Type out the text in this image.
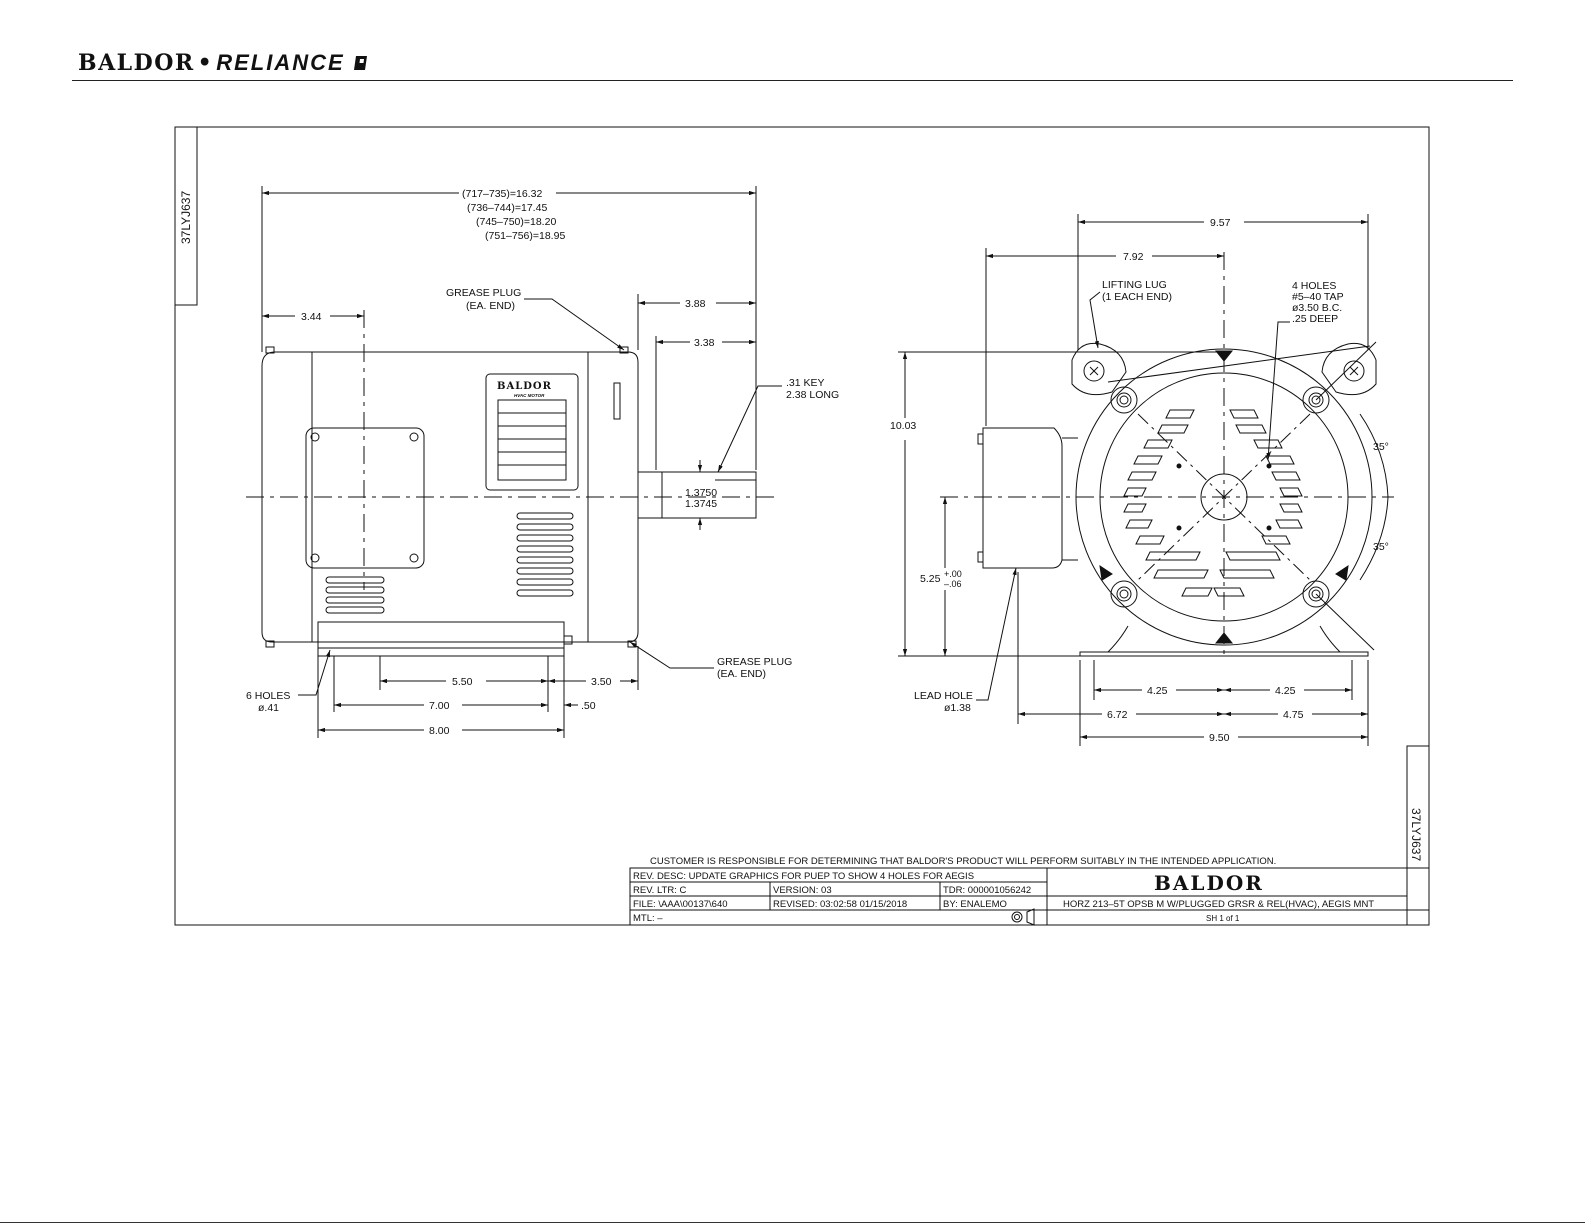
BALDOR • RELIANCE
37LYJ637
37LYJ637
(717–735)=16.32
(736–744)=17.45
(745–750)=18.20
(751–756)=18.95
3.44
3.88
3.38
GREASE PLUG
(EA. END)
.31 KEY
2.38 LONG
1.3750
1.3745
BALDOR
HVAC MOTOR
6 HOLES
ø.41
5.50	3.50
7.00	.50
8.00
GREASE PLUG
(EA. END)
9.57
7.92
LIFTING LUG
(1 EACH END)
4 HOLES
#5–40 TAP
ø3.50 B.C.
.25 DEEP
10.03
35°
35°
5.25 +.00
–.06
LEAD HOLE
ø1.38
4.25	4.25
6.72	4.75
9.50
CUSTOMER IS RESPONSIBLE FOR DETERMINING THAT BALDOR'S PRODUCT WILL PERFORM SUITABLY IN THE INTENDED APPLICATION.
REV. DESC: UPDATE GRAPHICS FOR PUEP TO SHOW 4 HOLES FOR AEGIS
REV. LTR: C	VERSION: 03	TDR: 000001056242
FILE: \AAA\00137\640	REVISED: 03:02:58 01/15/2018	BY: ENALEMO
MTL: –
BALDOR
HORZ 213–5T OPSB M W/PLUGGED GRSR & REL(HVAC), AEGIS MNT
SH 1 of 1
